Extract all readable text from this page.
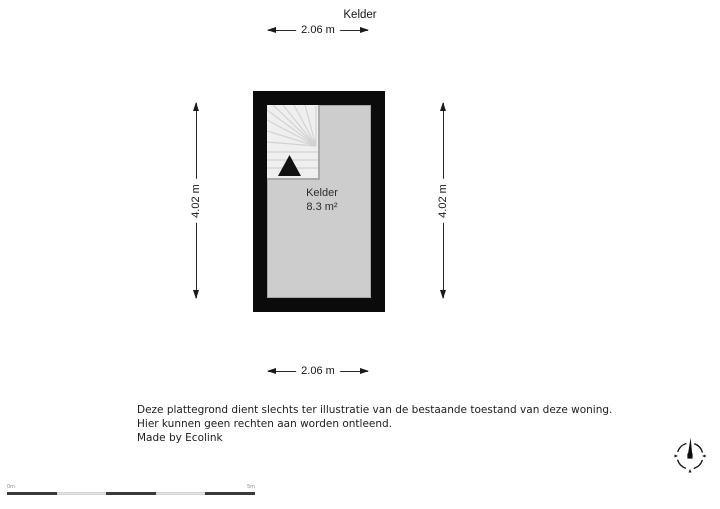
Kelder
2.06 m
4.02 m	4.02 m
Kelder
8.3 m²
2.06 m
Deze plattegrond dient slechts ter illustratie van de bestaande toestand van deze woning.
Hier kunnen geen rechten aan worden ontleend.
Made by Ecolink
0m	5m
